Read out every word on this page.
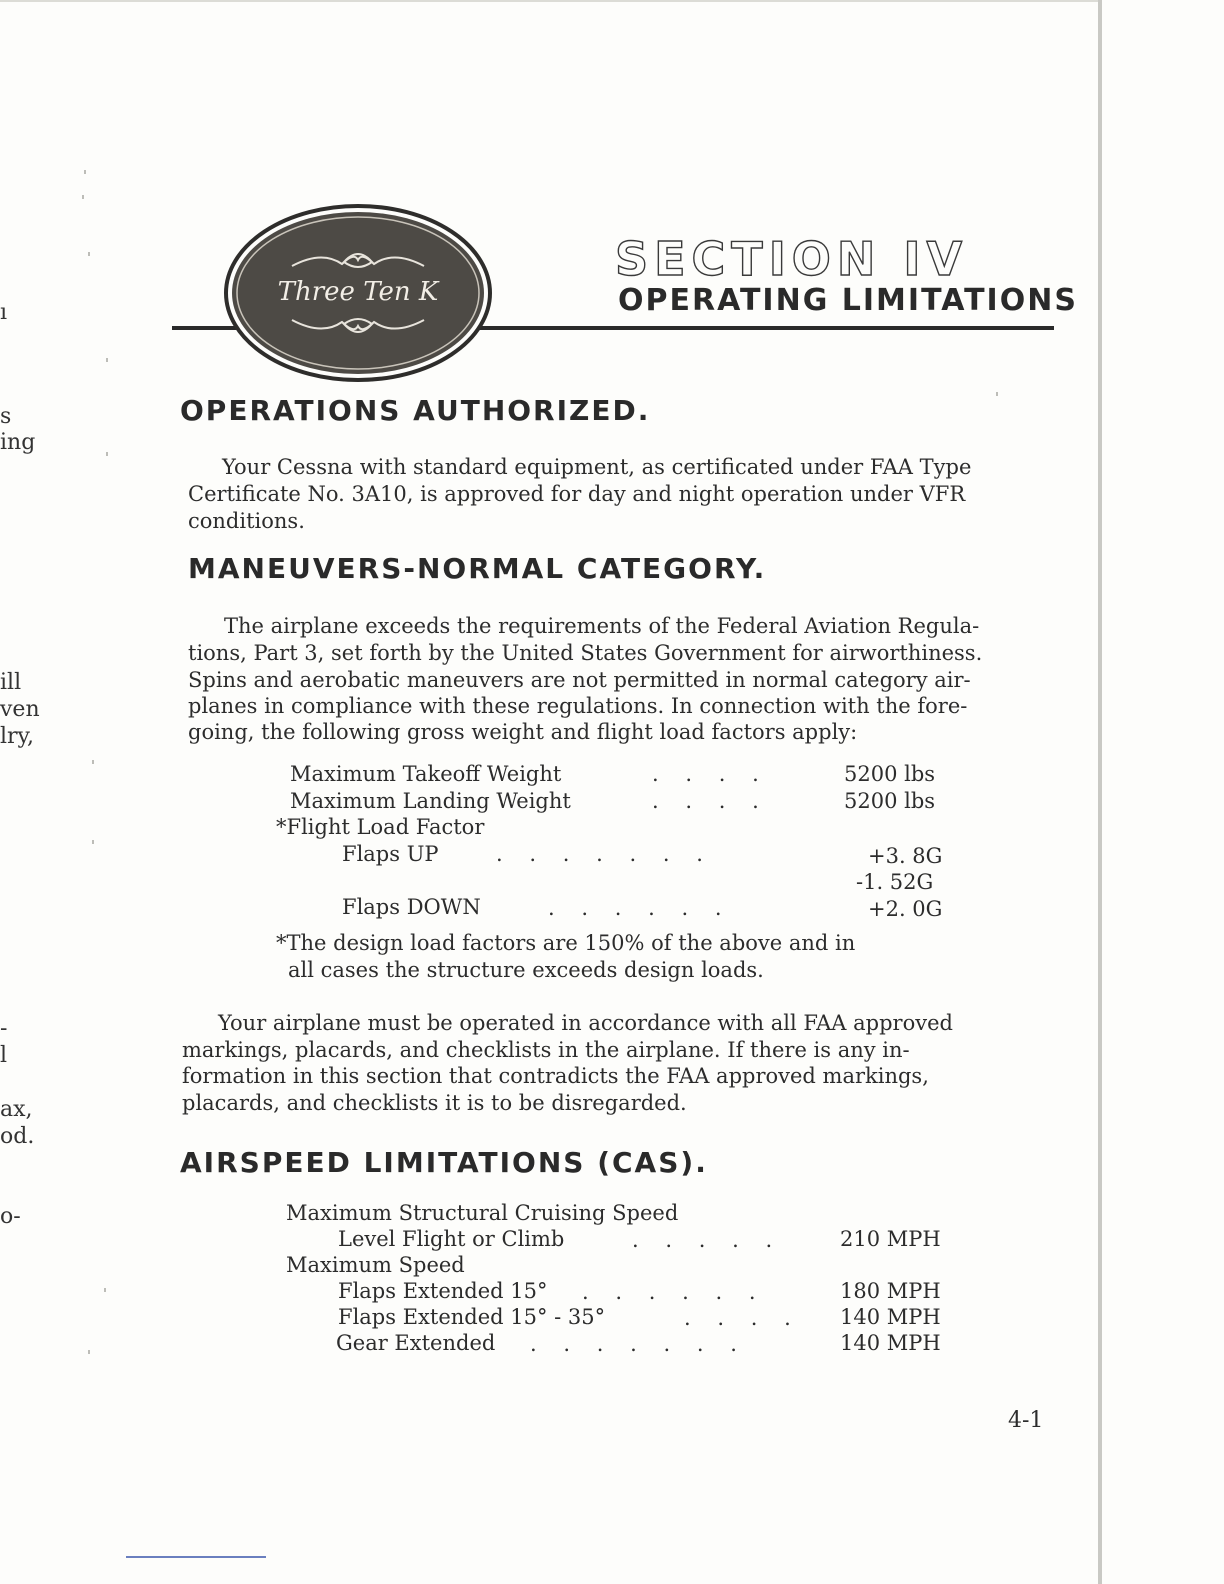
ı
s
ing
ill
ven
lry,
-
l
ax,
od.
o-
Three Ten K
SECTION IV
OPERATING LIMITATIONS
OPERATIONS AUTHORIZED.
Your Cessna with standard equipment, as certificated under FAA Type
Certificate No. 3A10, is approved for day and night operation under VFR
conditions.
MANEUVERS-NORMAL CATEGORY.
The airplane exceeds the requirements of the Federal Aviation Regula-
tions, Part 3, set forth by the United States Government for airworthiness.
Spins and aerobatic maneuvers are not permitted in normal category air-
planes in compliance with these regulations. In connection with the fore-
going, the following gross weight and flight load factors apply:
Maximum Takeoff Weight	.    .    .    .	5200 lbs
Maximum Landing Weight	.    .    .    .	5200 lbs
*Flight Load Factor
Flaps UP	.    .    .    .    .    .    .	+3. 8G
-1. 52G
Flaps DOWN	.    .    .    .    .    .	+2. 0G
*The design load factors are 150% of the above and in
all cases the structure exceeds design loads.
Your airplane must be operated in accordance with all FAA approved
markings, placards, and checklists in the airplane. If there is any in-
formation in this section that contradicts the FAA approved markings,
placards, and checklists it is to be disregarded.
AIRSPEED LIMITATIONS (CAS).
Maximum Structural Cruising Speed
Level Flight or Climb	.    .    .    .    .	210 MPH
Maximum Speed
Flaps Extended 15° .    .    .    .    .    .	180 MPH
Flaps Extended 15° - 35°	.    .    .    . 140 MPH
Gear Extended .    .    .    .    .    .    .	140 MPH
4-1
